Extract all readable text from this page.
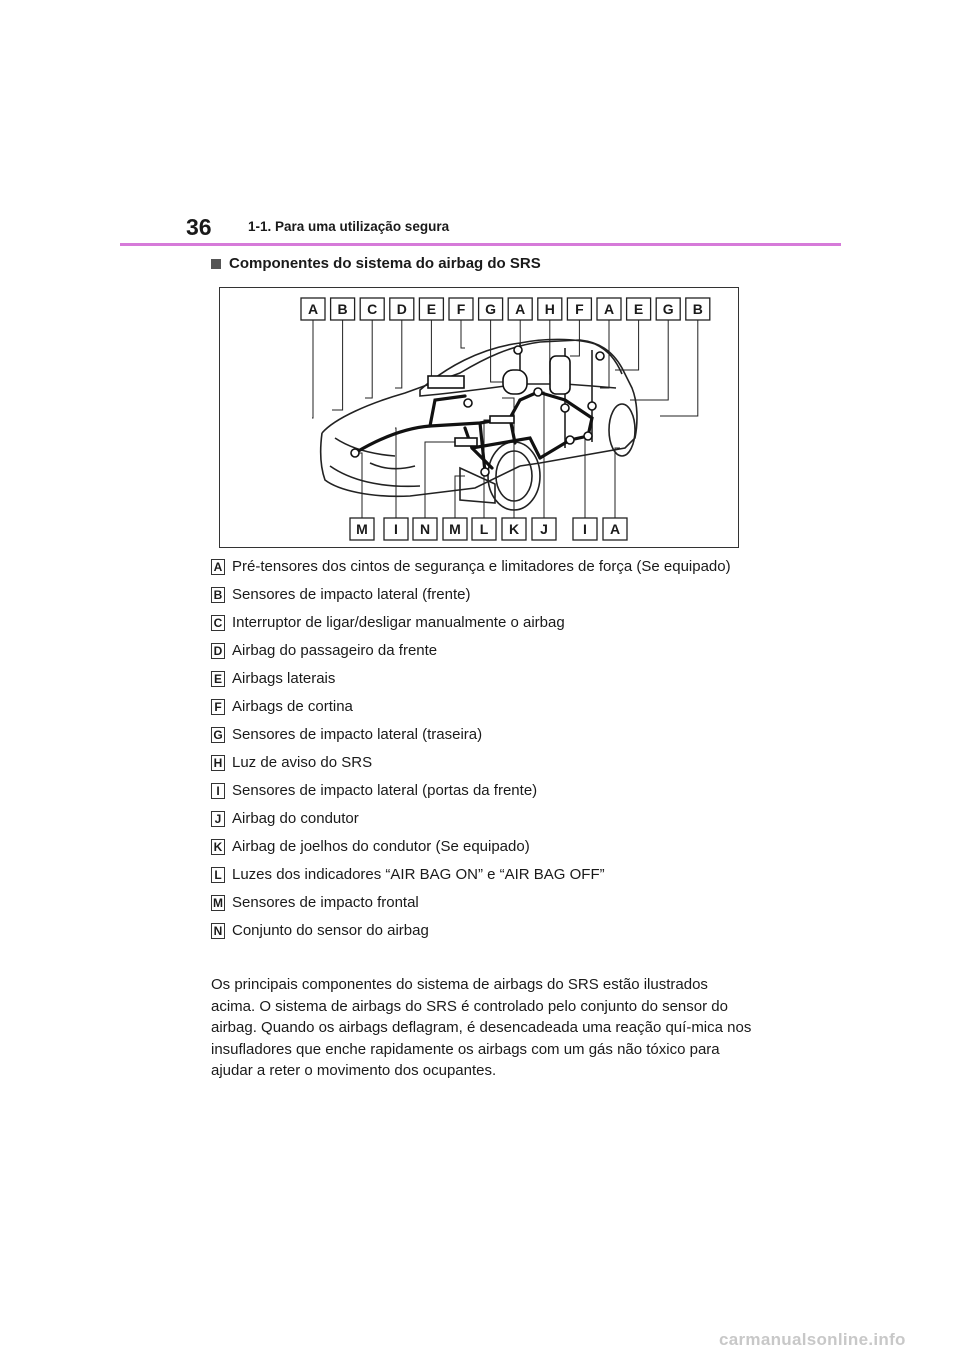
36	1-1. Para uma utilização segura
Componentes do sistema do airbag do SRS
A B C D E F G A H F A E G B
M I N M L K J	I A
A Pré-tensores dos cintos de segurança e limitadores de força (Se equipado)
B Sensores de impacto lateral (frente)
C Interruptor de ligar/desligar manualmente o airbag
D Airbag do passageiro da frente
E Airbags laterais
F Airbags de cortina
G Sensores de impacto lateral (traseira)
H Luz de aviso do SRS
I Sensores de impacto lateral (portas da frente)
J Airbag do condutor
K Airbag de joelhos do condutor (Se equipado)
L Luzes dos indicadores “AIR BAG ON” e “AIR BAG OFF”
M Sensores de impacto frontal
N Conjunto do sensor do airbag
Os principais componentes do sistema de airbags do SRS estão ilustrados acima. O sistema de airbags do SRS é controlado pelo conjunto do sensor do airbag. Quando os airbags deflagram, é desencadeada uma reação quí-mica nos insufladores que enche rapidamente os airbags com um gás não tóxico para ajudar a reter o movimento dos ocupantes.
carmanualsonline.info
